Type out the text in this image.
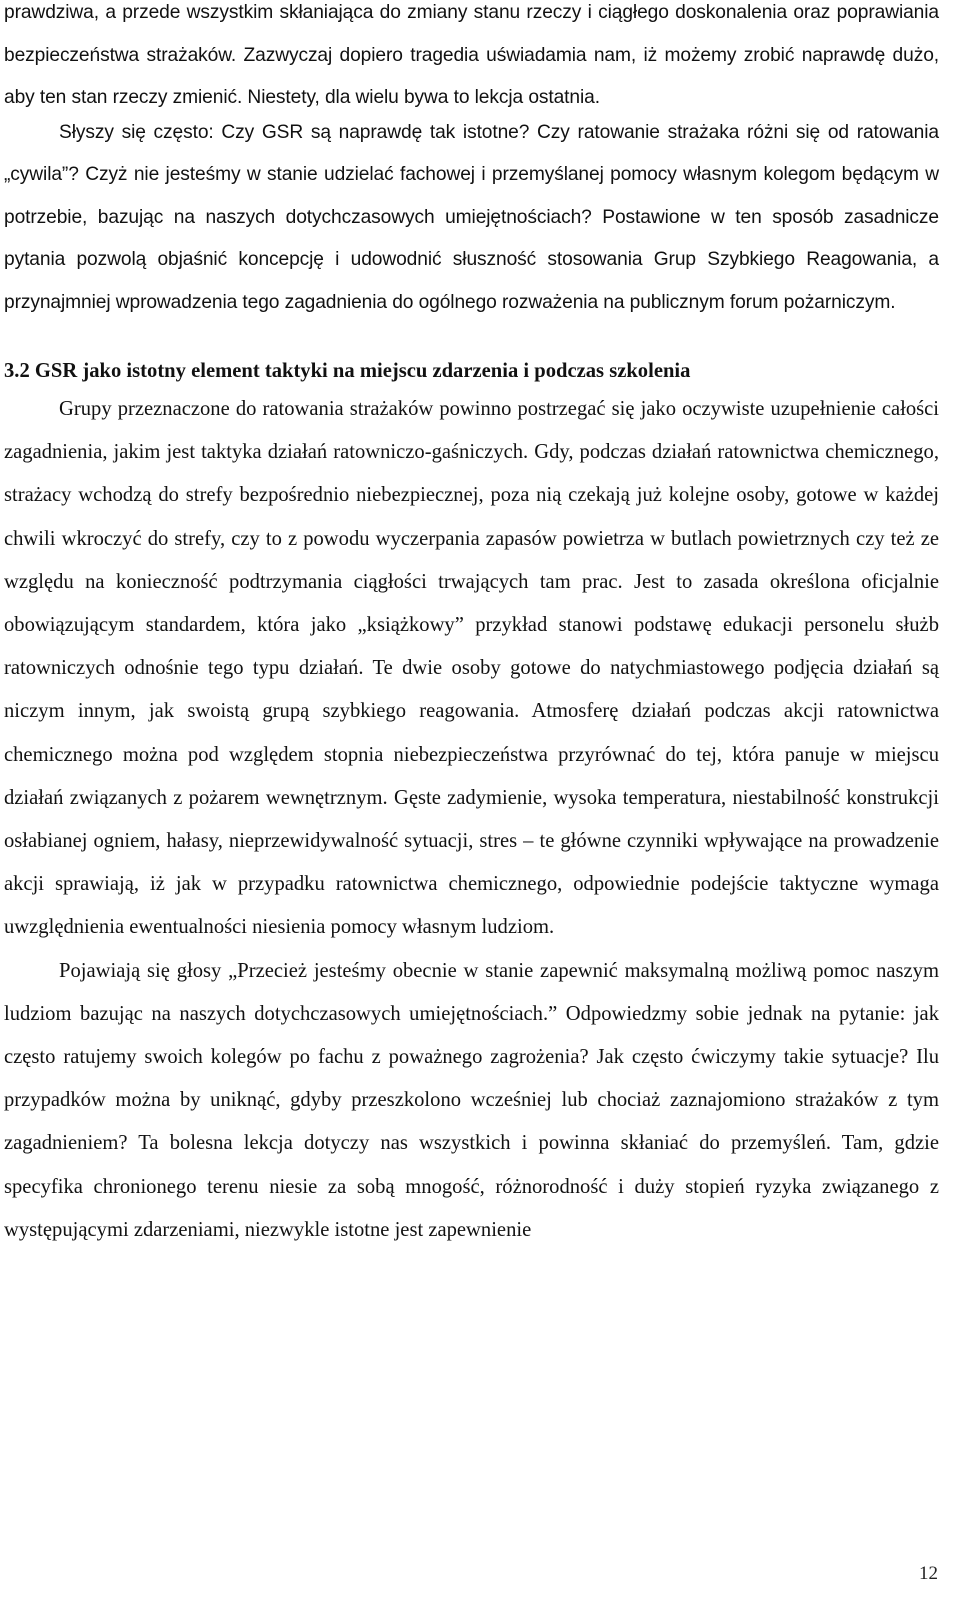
prawdziwa, a przede wszystkim skłaniająca do zmiany stanu rzeczy i ciągłego doskonalenia oraz poprawiania bezpieczeństwa strażaków. Zazwyczaj dopiero tragedia uświadamia nam, iż możemy zrobić naprawdę dużo, aby ten stan rzeczy zmienić. Niestety, dla wielu bywa to lekcja ostatnia.

Słyszy się często: Czy GSR są naprawdę tak istotne? Czy ratowanie strażaka różni się od ratowania „cywila”? Czyż nie jesteśmy w stanie udzielać fachowej i przemyślanej pomocy własnym kolegom będącym w potrzebie, bazując na naszych dotychczasowych umiejętnościach? Postawione w ten sposób zasadnicze pytania pozwolą objaśnić koncepcję i udowodnić słuszność stosowania Grup Szybkiego Reagowania, a przynajmniej wprowadzenia tego zagadnienia do ogólnego rozważenia na publicznym forum pożarniczym.

3.2 GSR jako istotny element taktyki na miejscu zdarzenia i podczas szkolenia

Grupy przeznaczone do ratowania strażaków powinno postrzegać się jako oczywiste uzupełnienie całości zagadnienia, jakim jest taktyka działań ratowniczo-gaśniczych. Gdy, podczas działań ratownictwa chemicznego, strażacy wchodzą do strefy bezpośrednio niebezpiecznej, poza nią czekają już kolejne osoby, gotowe w każdej chwili wkroczyć do strefy, czy to z powodu wyczerpania zapasów powietrza w butlach powietrznych czy też ze względu na konieczność podtrzymania ciągłości trwających tam prac. Jest to zasada określona oficjalnie obowiązującym standardem, która jako „książkowy” przykład stanowi podstawę edukacji personelu służb ratowniczych odnośnie tego typu działań. Te dwie osoby gotowe do natychmiastowego podjęcia działań są niczym innym, jak swoistą grupą szybkiego reagowania. Atmosferę działań podczas akcji ratownictwa chemicznego można pod względem stopnia niebezpieczeństwa przyrównać do tej, która panuje w miejscu działań związanych z pożarem wewnętrznym. Gęste zadymienie, wysoka temperatura, niestabilność konstrukcji osłabianej ogniem, hałasy, nieprzewidywalność sytuacji, stres – te główne czynniki wpływające na prowadzenie akcji sprawiają, iż jak w przypadku ratownictwa chemicznego, odpowiednie podejście taktyczne wymaga uwzględnienia ewentualności niesienia pomocy własnym ludziom.

Pojawiają się głosy „Przecież jesteśmy obecnie w stanie zapewnić maksymalną możliwą pomoc naszym ludziom bazując na naszych dotychczasowych umiejętnościach.” Odpowiedzmy sobie jednak na pytanie: jak często ratujemy swoich kolegów po fachu z poważnego zagrożenia? Jak często ćwiczymy takie sytuacje? Ilu przypadków można by uniknąć, gdyby przeszkolono wcześniej lub chociaż zaznajomiono strażaków z tym zagadnieniem? Ta bolesna lekcja dotyczy nas wszystkich i powinna skłaniać do przemyśleń. Tam, gdzie specyfika chronionego terenu niesie za sobą mnogość, różnorodność i duży stopień ryzyka związanego z występującymi zdarzeniami, niezwykle istotne jest zapewnienie

12
